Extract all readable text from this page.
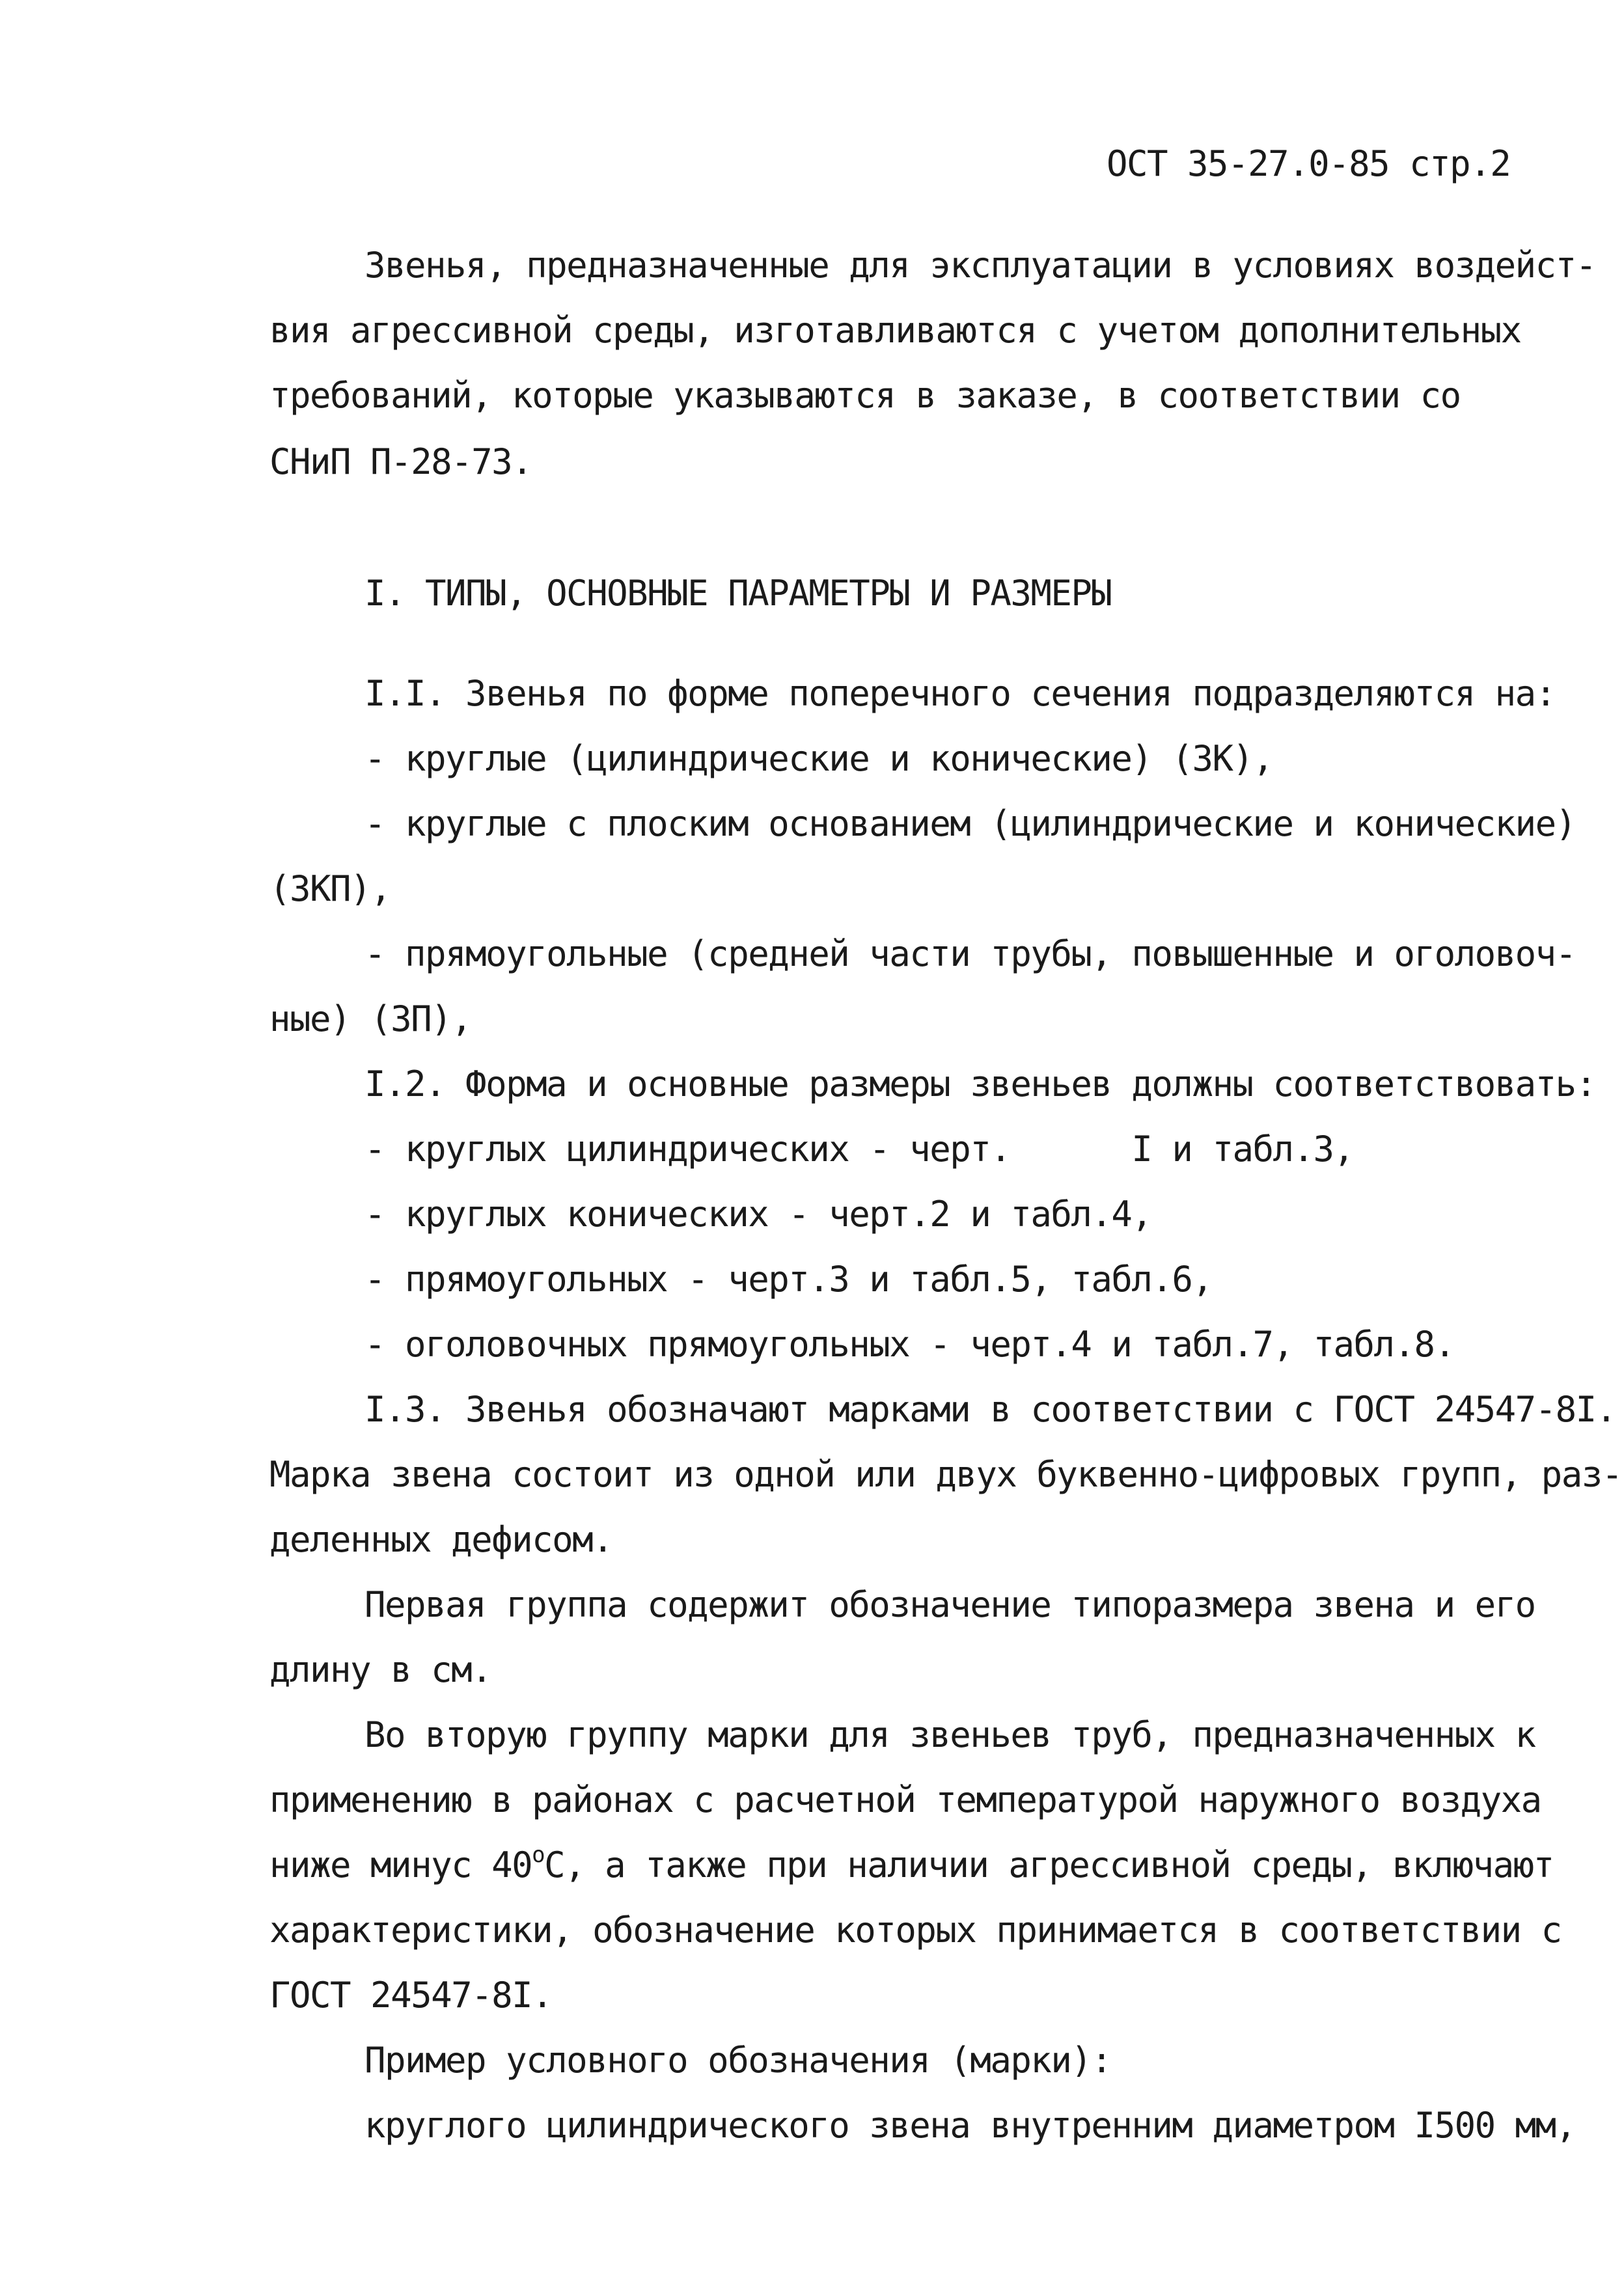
ОСТ 35-27.0-85 стр.2
Звенья, предназначенные для эксплуатации в условиях воздейст-
вия агрессивной среды, изготавливаются с учетом дополнительных
требований, которые указываются в заказе, в соответствии со
СНиП П-28-73.
I. ТИПЫ, ОСНОВНЫЕ ПАРАМЕТРЫ И РАЗМЕРЫ
I.I. Звенья по форме поперечного сечения подразделяются на:
- круглые (цилиндрические и конические) (ЗК),
- круглые с плоским основанием (цилиндрические и конические)
(ЗКП),
- прямоугольные (средней части трубы, повышенные и оголовоч-
ные) (ЗП),
I.2. Форма и основные размеры звеньев должны соответствовать:
- круглых цилиндрических - черт.      I и табл.3,
- круглых конических - черт.2 и табл.4,
- прямоугольных - черт.3 и табл.5, табл.6,
- оголовочных прямоугольных - черт.4 и табл.7, табл.8.
I.3. Звенья обозначают марками в соответствии с ГОСТ 24547-8I.
Марка звена состоит из одной или двух буквенно-цифровых групп, раз-
деленных дефисом.
Первая группа содержит обозначение типоразмера звена и его
длину в см.
Во вторую группу марки для звеньев труб, предназначенных к
применению в районах с расчетной температурой наружного воздуха
ниже минус $40^оС$, а также при наличии агрессивной среды, включают
характеристики, обозначение которых принимается в соответствии с
ГОСТ 24547-8I.
Пример условного обозначения (марки):
круглого цилиндрического звена внутренним диаметром I500 мм,
